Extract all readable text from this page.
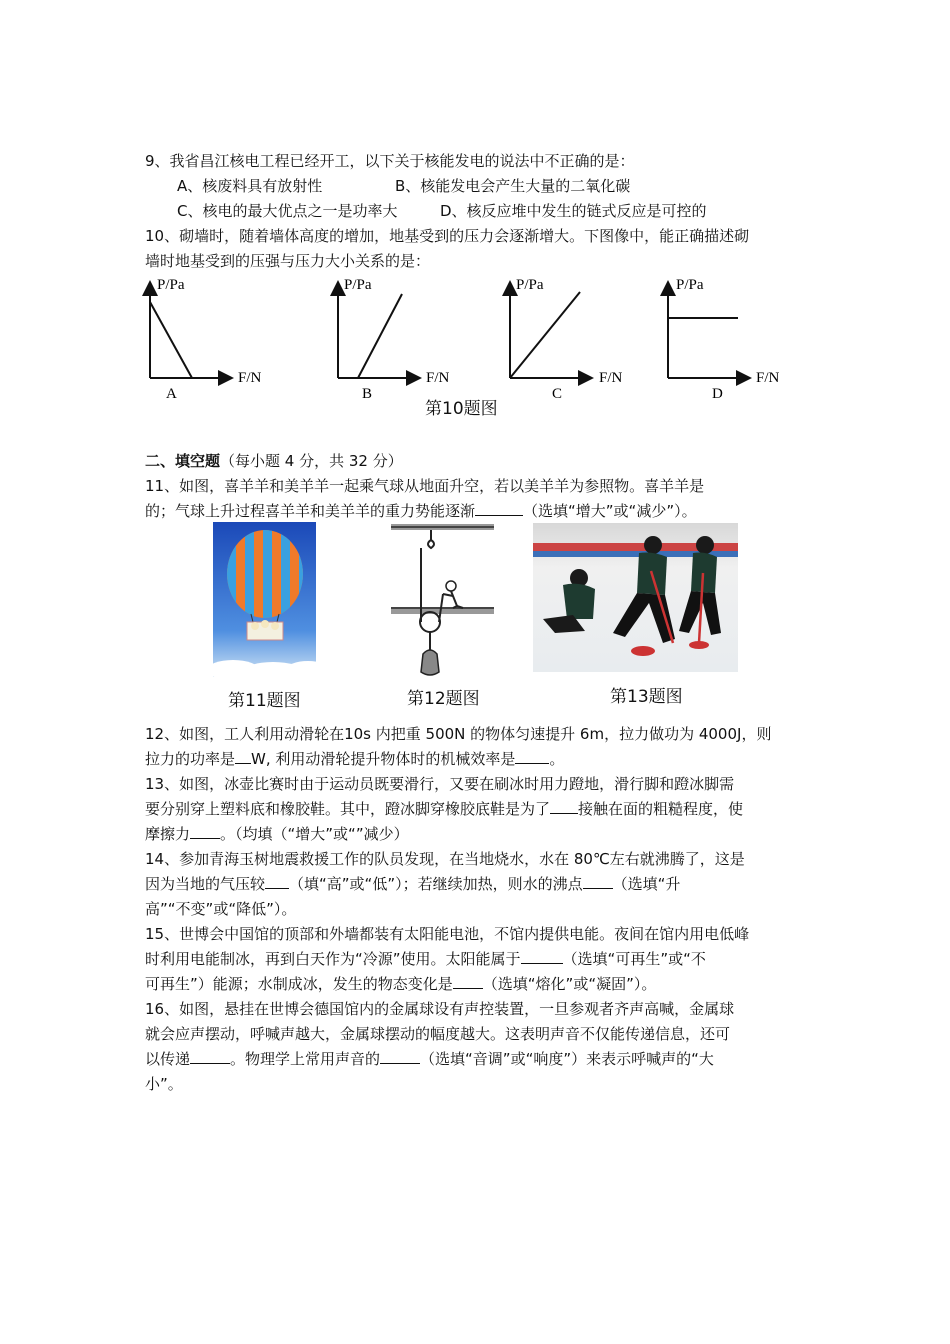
9、我省昌江核电工程已经开工，以下关于核能发电的说法中不正确的是：
A、核废料具有放射性	B、核能发电会产生大量的二氧化碳
C、核电的最大优点之一是功率大	D、核反应堆中发生的链式反应是可控的
10、砌墙时，随着墙体高度的增加，地基受到的压力会逐渐增大。下图像中，能正确描述砌
墙时地基受到的压强与压力大小关系的是：
P/Pa
F/N
A
P/Pa
F/N
B
P/Pa
F/N
C
P/Pa
F/N
D
第10题图
二、填空题（每小题 4 分，共 32 分）
11、如图，喜羊羊和美羊羊一起乘气球从地面升空，若以美羊羊为参照物。喜羊羊是
的；气球上升过程喜羊羊和美羊羊的重力势能逐渐	（选填“增大”或“减少”）。
第11题图	第12题图	第13题图
12、如图，工人利用动滑轮在10s 内把重 500N 的物体匀速提升 6m，拉力做功为 4000J，则
拉力的功率是 W, 利用动滑轮提升物体时的机械效率是 。
13、如图，冰壶比赛时由于运动员既要滑行，又要在刷冰时用力蹬地，滑行脚和蹬冰脚需
要分别穿上塑料底和橡胶鞋。其中，蹬冰脚穿橡胶底鞋是为了 接触在面的粗糙程度，使
摩擦力 。（均填（“增大”或“”减少）
14、参加青海玉树地震救援工作的队员发现，在当地烧水，水在 80℃左右就沸腾了，这是
因为当地的气压较 （填“高”或“低”）；若继续加热，则水的沸点 （选填“升
高”“不变”或“降低”）。
15、世博会中国馆的顶部和外墙都装有太阳能电池，不馆内提供电能。夜间在馆内用电低峰
时利用电能制冰，再到白天作为“冷源”使用。太阳能属于	（选填“可再生”或“不
可再生”）能源；水制成冰，发生的物态变化是 （选填“熔化”或“凝固”）。
16、如图，悬挂在世博会德国馆内的金属球设有声控装置，一旦参观者齐声高喊，金属球
就会应声摆动，呼喊声越大，金属球摆动的幅度越大。这表明声音不仅能传递信息，还可
以传递	。物理学上常用声音的	（选填“音调”或“响度”）来表示呼喊声的“大
小”。
